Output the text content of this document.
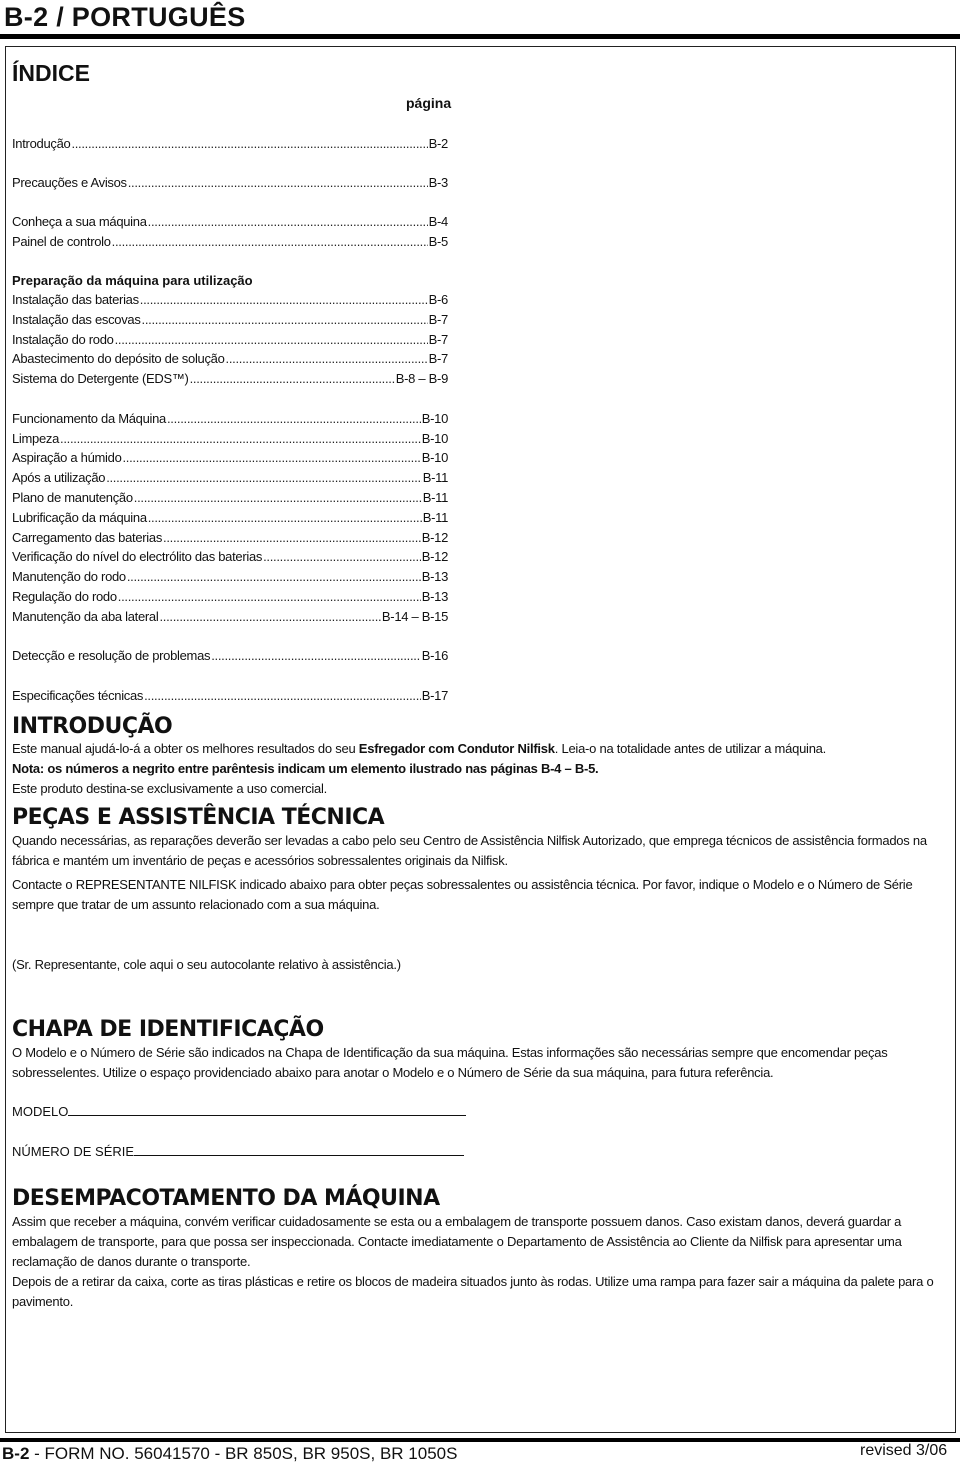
B-2 / PORTUGUÊS
ÍNDICE
página
Introdução .....	B-2
Precauções e Avisos .....	B-3
Conheça a sua máquina .....	B-4
Painel de controlo .....	B-5
Preparação da máquina para utilização
Instalação das baterias .....	B-6
Instalação das escovas .....	B-7
Instalação do rodo .....	B-7
Abastecimento do depósito de solução .....	B-7
Sistema do Detergente (EDS™) .....	B-8 – B-9
Funcionamento da Máquina .....	B-10
Limpeza .....	B-10
Aspiração a húmido .....	B-10
Após a utilização .....	B-11
Plano de manutenção .....	B-11
Lubrificação da máquina .....	B-11
Carregamento das baterias .....	B-12
Verificação do nível do electrólito das baterias .....	B-12
Manutenção do rodo .....	B-13
Regulação do rodo .....	B-13
Manutenção da aba lateral .....	B-14 – B-15
Detecção e resolução de problemas .....	B-16
Especificações técnicas .....	B-17
INTRODUÇÃO
Este manual ajudá-lo-á a obter os melhores resultados do seu Esfregador com Condutor Nilfisk. Leia-o na totalidade antes de utilizar a máquina.
Nota: os números a negrito entre parêntesis indicam um elemento ilustrado nas páginas B-4 – B-5.
Este produto destina-se exclusivamente a uso comercial.
PEÇAS E ASSISTÊNCIA TÉCNICA
Quando necessárias, as reparações deverão ser levadas a cabo pelo seu Centro de Assistência Nilfisk Autorizado, que emprega técnicos de assistência formados na fábrica e mantém um inventário de peças e acessórios sobressalentes originais da Nilfisk.
Contacte o REPRESENTANTE NILFISK indicado abaixo para obter peças sobressalentes ou assistência técnica. Por favor, indique o Modelo e o Número de Série sempre que tratar de um assunto relacionado com a sua máquina.
(Sr. Representante, cole aqui o seu autocolante relativo à assistência.)
CHAPA DE IDENTIFICAÇÃO
O Modelo e o Número de Série são indicados na Chapa de Identificação da sua máquina. Estas informações são necessárias sempre que encomendar peças sobresselentes. Utilize o espaço providenciado abaixo para anotar o Modelo e o Número de Série da sua máquina, para futura referência.
MODELO
NÚMERO DE SÉRIE
DESEMPACOTAMENTO DA MÁQUINA
Assim que receber a máquina, convém verificar cuidadosamente se esta ou a embalagem de transporte possuem danos. Caso existam danos, deverá guardar a embalagem de transporte, para que possa ser inspeccionada. Contacte imediatamente o Departamento de Assistência ao Cliente da Nilfisk para apresentar uma reclamação de danos durante o transporte.
Depois de a retirar da caixa, corte as tiras plásticas e retire os blocos de madeira situados junto às rodas. Utilize uma rampa para fazer sair a máquina da palete para o pavimento.
B-2 - FORM NO. 56041570 - BR 850S, BR 950S, BR 1050S	revised 3/06
